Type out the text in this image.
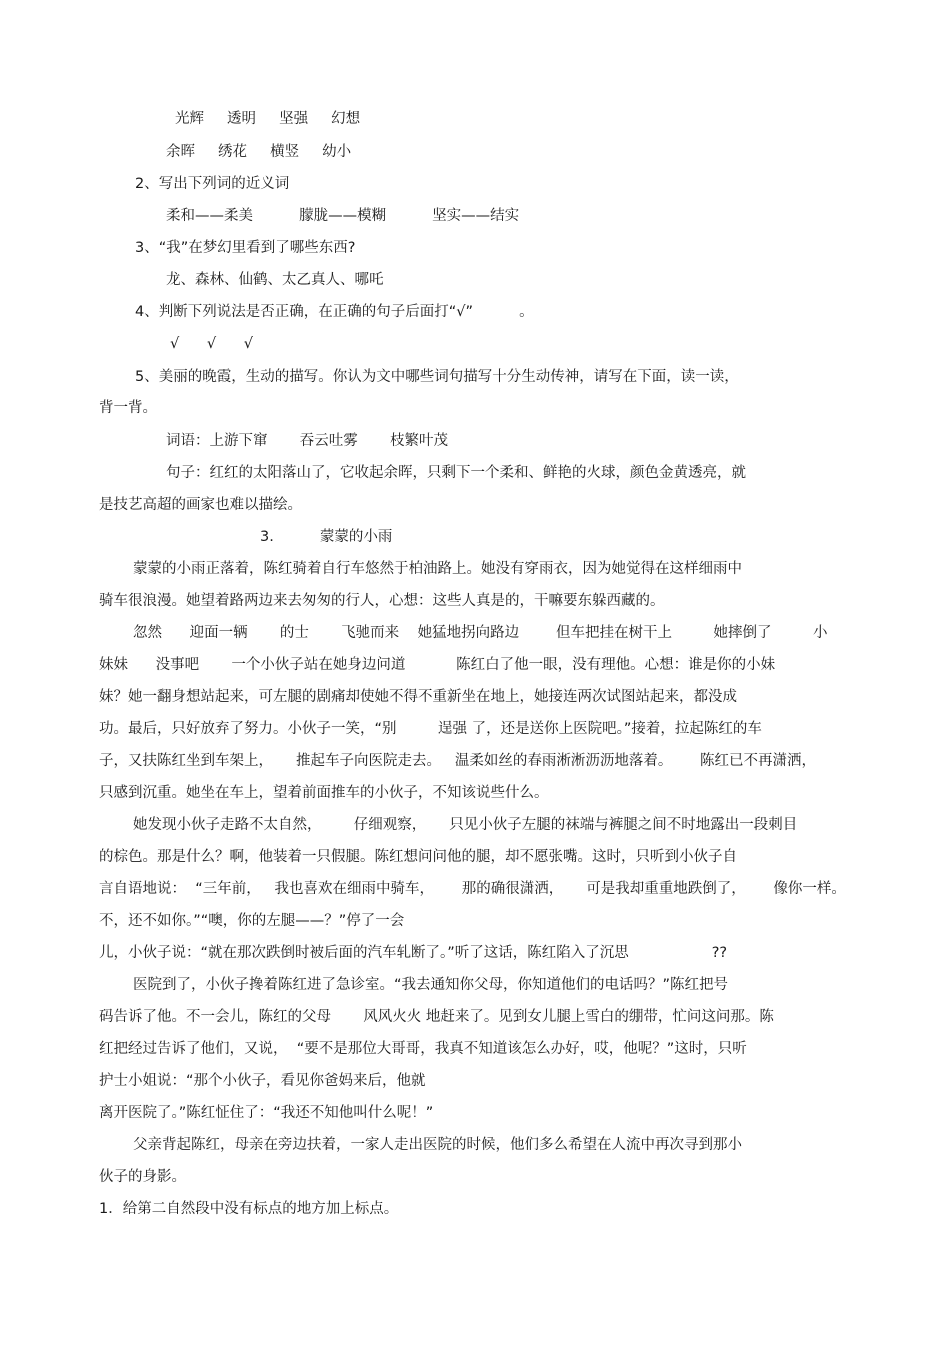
光辉     透明     坚强     幻想
余晖     绣花     横竖     幼小
2、写出下列词的近义词
柔和——柔美          朦胧——模糊          坚实——结实
3、“我”在梦幻里看到了哪些东西?
龙、森林、仙鹤、太乙真人、哪吒
4、判断下列说法是否正确，在正确的句子后面打“√”          。
√      √      √
5、美丽的晚霞，生动的描写。你认为文中哪些词句描写十分生动传神，请写在下面，读一读，
背一背。
词语：上游下窜       吞云吐雾       枝繁叶茂
句子：红红的太阳落山了，它收起余晖，只剩下一个柔和、鲜艳的火球，颜色金黄透亮，就
是技艺高超的画家也难以描绘。
3.          蒙蒙的小雨
蒙蒙的小雨正落着，陈红骑着自行车悠然于柏油路上。她没有穿雨衣，因为她觉得在这样细雨中
骑车很浪漫。她望着路两边来去匆匆的行人，心想：这些人真是的，干嘛要东躲西藏的。
忽然      迎面一辆       的士       飞驰而来    她猛地拐向路边        但车把挂在树干上         她摔倒了         小
妹妹      没事吧       一个小伙子站在她身边问道           陈红白了他一眼，没有理他。心想：谁是你的小妹
妹？她一翻身想站起来，可左腿的剧痛却使她不得不重新坐在地上，她接连两次试图站起来，都没成
功。最后，只好放弃了努力。小伙子一笑，“别         逞强 了，还是送你上医院吧。”接着，拉起陈红的车
子，又扶陈红坐到车架上，     推起车子向医院走去。   温柔如丝的春雨淅淅沥沥地落着。      陈红已不再潇洒，
只感到沉重。她坐在车上，望着前面推车的小伙子，不知该说些什么。
她发现小伙子走路不太自然，       仔细观察，     只见小伙子左腿的袜端与裤腿之间不时地露出一段刺目
的棕色。那是什么？啊，他装着一只假腿。陈红想问问他的腿，却不愿张嘴。这时，只听到小伙子自
言自语地说：  “三年前，   我也喜欢在细雨中骑车，      那的确很潇洒，     可是我却重重地跌倒了，      像你一样。
不，还不如你。”“噢，你的左腿——？”停了一会
儿，小伙子说：“就在那次跌倒时被后面的汽车轧断了。”听了这话，陈红陷入了沉思                  ??
医院到了，小伙子搀着陈红进了急诊室。“我去通知你父母，你知道他们的电话吗？”陈红把号
码告诉了他。不一会儿，陈红的父母       风风火火 地赶来了。见到女儿腿上雪白的绷带，忙问这问那。陈
红把经过告诉了他们，又说，  “要不是那位大哥哥，我真不知道该怎么办好，哎，他呢？”这时，只听
护士小姐说：“那个小伙子，看见你爸妈来后，他就
离开医院了。”陈红怔住了：“我还不知他叫什么呢！”
父亲背起陈红，母亲在旁边扶着，一家人走出医院的时候，他们多么希望在人流中再次寻到那小
伙子的身影。
1．给第二自然段中没有标点的地方加上标点。
